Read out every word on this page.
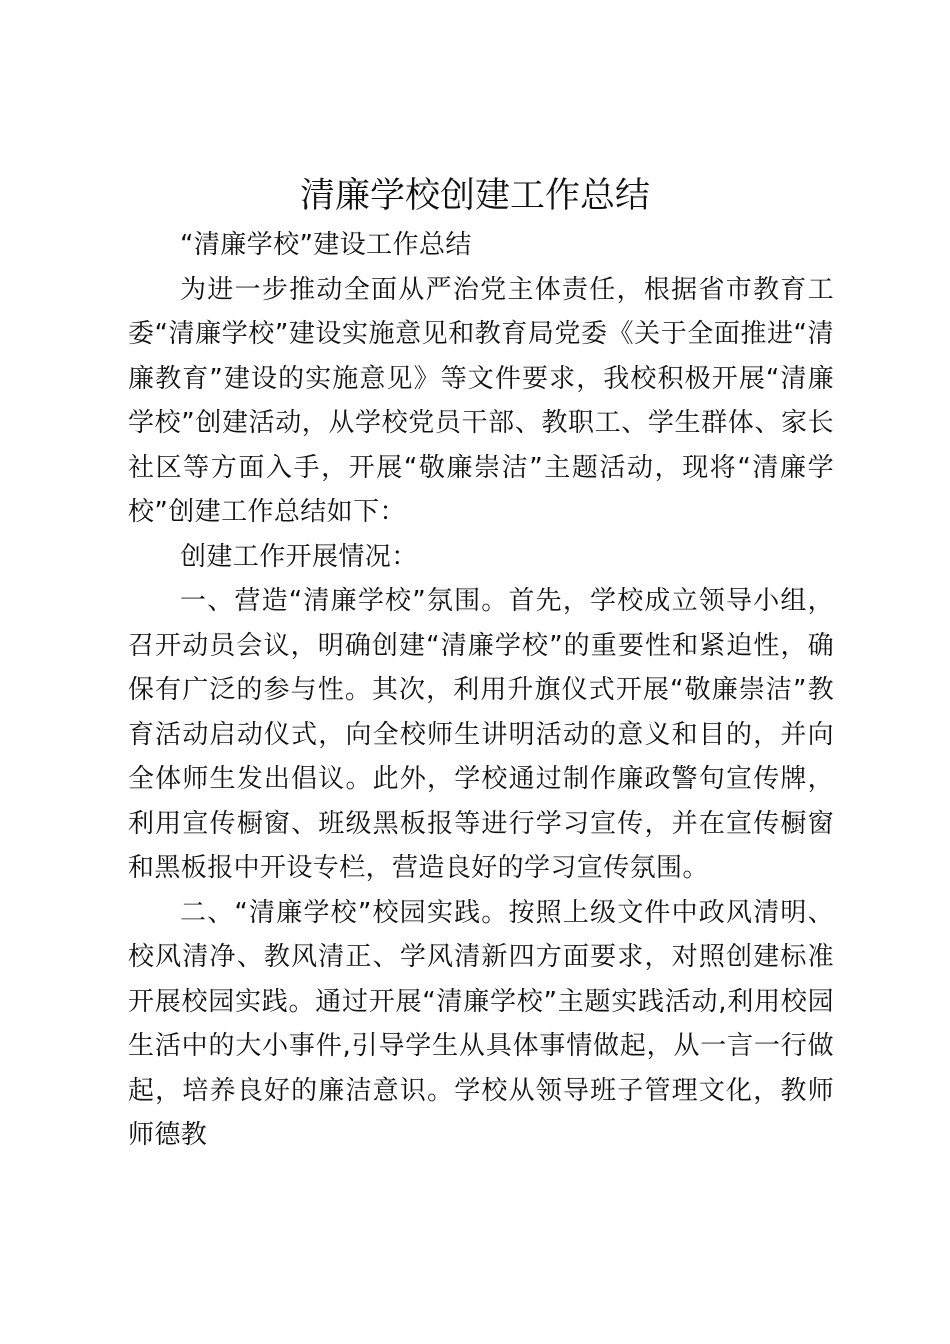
清廉学校创建工作总结

“清廉学校”建设工作总结

为进一步推动全面从严治党主体责任，根据省市教育工委“清廉学校”建设实施意见和教育局党委《关于全面推进“清廉教育”建设的实施意见》等文件要求，我校积极开展“清廉学校”创建活动，从学校党员干部、教职工、学生群体、家长社区等方面入手，开展“敬廉崇洁”主题活动，现将“清廉学校”创建工作总结如下：

创建工作开展情况：

一、营造“清廉学校”氛围。首先，学校成立领导小组，召开动员会议，明确创建“清廉学校”的重要性和紧迫性，确保有广泛的参与性。其次，利用升旗仪式开展“敬廉崇洁”教育活动启动仪式，向全校师生讲明活动的意义和目的，并向全体师生发出倡议。此外，学校通过制作廉政警句宣传牌，利用宣传橱窗、班级黑板报等进行学习宣传，并在宣传橱窗和黑板报中开设专栏，营造良好的学习宣传氛围。

二、“清廉学校”校园实践。按照上级文件中政风清明、校风清净、教风清正、学风清新四方面要求，对照创建标准开展校园实践。通过开展“清廉学校”主题实践活动,利用校园生活中的大小事件,引导学生从具体事情做起，从一言一行做起，培养良好的廉洁意识。学校从领导班子管理文化，教师师德教
